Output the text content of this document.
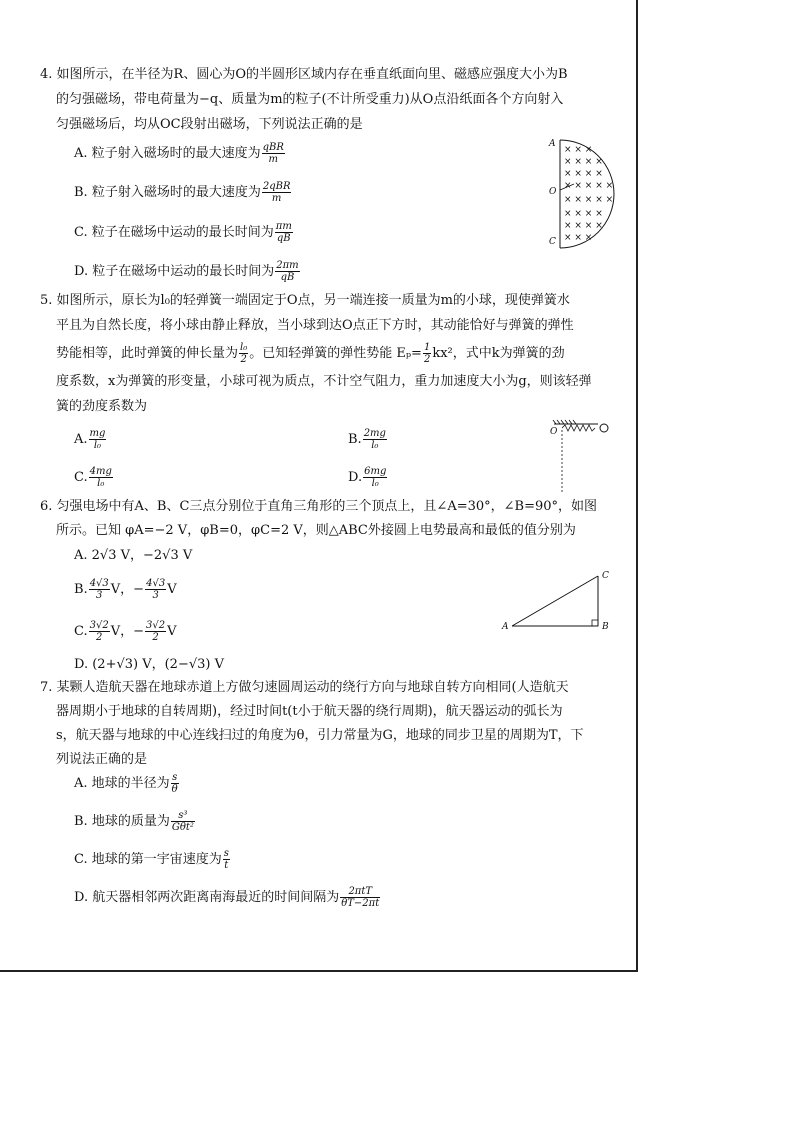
4. 如图所示，在半径为R、圆心为O的半圆形区域内存在垂直纸面向里、磁感应强度大小为B
的匀强磁场，带电荷量为−q、质量为m的粒子(不计所受重力)从O点沿纸面各个方向射入
匀强磁场后，均从OC段射出磁场，下列说法正确的是
A. 粒子射入磁场时的最大速度为 $\frac{\text{qBR}}{m}$
B. 粒子射入磁场时的最大速度为 $\frac{\text{2qBR}}{m}$
C. 粒子在磁场中运动的最长时间为 $\frac{\pi m}{qB}$
D. 粒子在磁场中运动的最长时间为 $\frac{2\pi m}{qB}$
× × ×
× × × ×
× × × ×
× × × × ×
× × × × ×
× × × ×
× × × ×
× × ×
A
O
C
5. 如图所示，原长为l₀的轻弹簧一端固定于O点，另一端连接一质量为m的小球，现使弹簧水
平且为自然长度，将小球由静止释放，当小球到达O点正下方时，其动能恰好与弹簧的弹性
势能相等，此时弹簧的伸长量为 $\frac{\text{l₀}}{2}$ 。已知轻弹簧的弹性势能 $E_p= \frac{1}{2} kx^2$，式中k为弹簧的劲
度系数，x为弹簧的形变量，小球可视为质点，不计空气阻力，重力加速度大小为g，则该轻弹
簧的劲度系数为
A. $\frac{mg}{\text{l₀}}$	B. $\frac{2mg}{\text{l₀}}$
C. $\frac{4mg}{\text{l₀}}$	D. $\frac{6mg}{\text{l₀}}$
O
6. 匀强电场中有A、B、C三点分别位于直角三角形的三个顶点上，且∠A=30°，∠B=90°，如图
所示。已知 φA=−2 V，φB=0，φC=2 V，则△ABC外接圆上电势最高和最低的值分别为
A. 2√3 V，−2√3 V
B. $\frac{4√3}{3}$ V，− $\frac{4√3}{3}$ V
C. $\frac{3√2}{2}$ V，− $\frac{3√2}{2}$ V
D. (2+√3) V，(2−√3) V
A	B
C
7. 某颗人造航天器在地球赤道上方做匀速圆周运动的绕行方向与地球自转方向相同(人造航天
器周期小于地球的自转周期)，经过时间t(t小于航天器的绕行周期)，航天器运动的弧长为
s，航天器与地球的中心连线扫过的角度为θ，引力常量为G，地球的同步卫星的周期为T，下
列说法正确的是
A. 地球的半径为 $\frac{s}{\theta}$
B. 地球的质量为 $\frac{\text{s³}}{\text{Gθt²}}$
C. 地球的第一宇宙速度为 $\frac{s}{t}$
D. 航天器相邻两次距离南海最近的时间间隔为 $\frac{\text{2πtT}}{\theta T-2\pi t}$
